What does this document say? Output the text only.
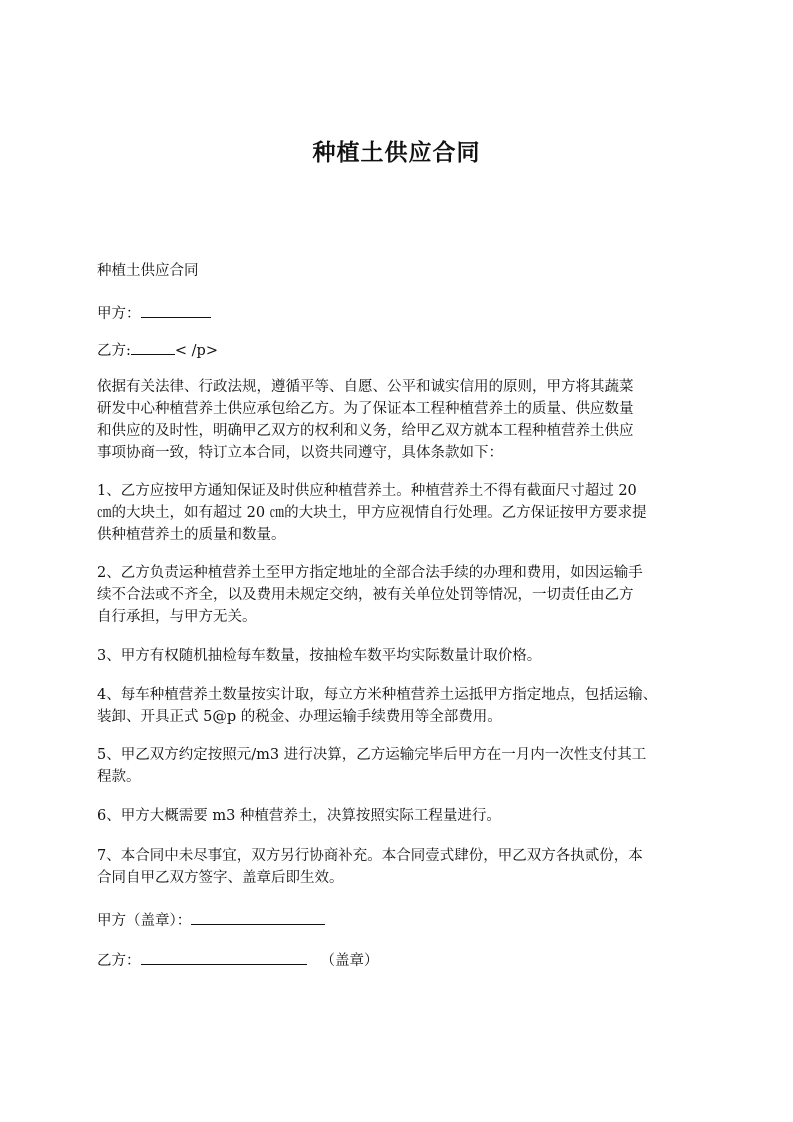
种植土供应合同
种植土供应合同
甲方：
乙方:	< /p>
依据有关法律、行政法规，遵循平等、自愿、公平和诚实信用的原则，甲方将其蔬菜
研发中心种植营养土供应承包给乙方。为了保证本工程种植营养土的质量、供应数量
和供应的及时性，明确甲乙双方的权利和义务，给甲乙双方就本工程种植营养土供应
事项协商一致，特订立本合同，以资共同遵守，具体条款如下：
1、乙方应按甲方通知保证及时供应种植营养土。种植营养土不得有截面尺寸超过 20
㎝的大块土，如有超过 20 ㎝的大块土，甲方应视情自行处理。乙方保证按甲方要求提
供种植营养土的质量和数量。
2、乙方负责运种植营养土至甲方指定地址的全部合法手续的办理和费用，如因运输手
续不合法或不齐全，以及费用未规定交纳，被有关单位处罚等情况，一切责任由乙方
自行承担，与甲方无关。
3、甲方有权随机抽检每车数量，按抽检车数平均实际数量计取价格。
4、每车种植营养土数量按实计取，每立方米种植营养土运抵甲方指定地点，包括运输、
装卸、开具正式 5@p 的税金、办理运输手续费用等全部费用。
5、甲乙双方约定按照元/m3 进行决算，乙方运输完毕后甲方在一月内一次性支付其工
程款。
6、甲方大概需要 m3 种植营养土，决算按照实际工程量进行。
7、本合同中未尽事宜，双方另行协商补充。本合同壹式肆份，甲乙双方各执贰份，本
合同自甲乙双方签字、盖章后即生效。
甲方（盖章）：
乙方：	（盖章）
